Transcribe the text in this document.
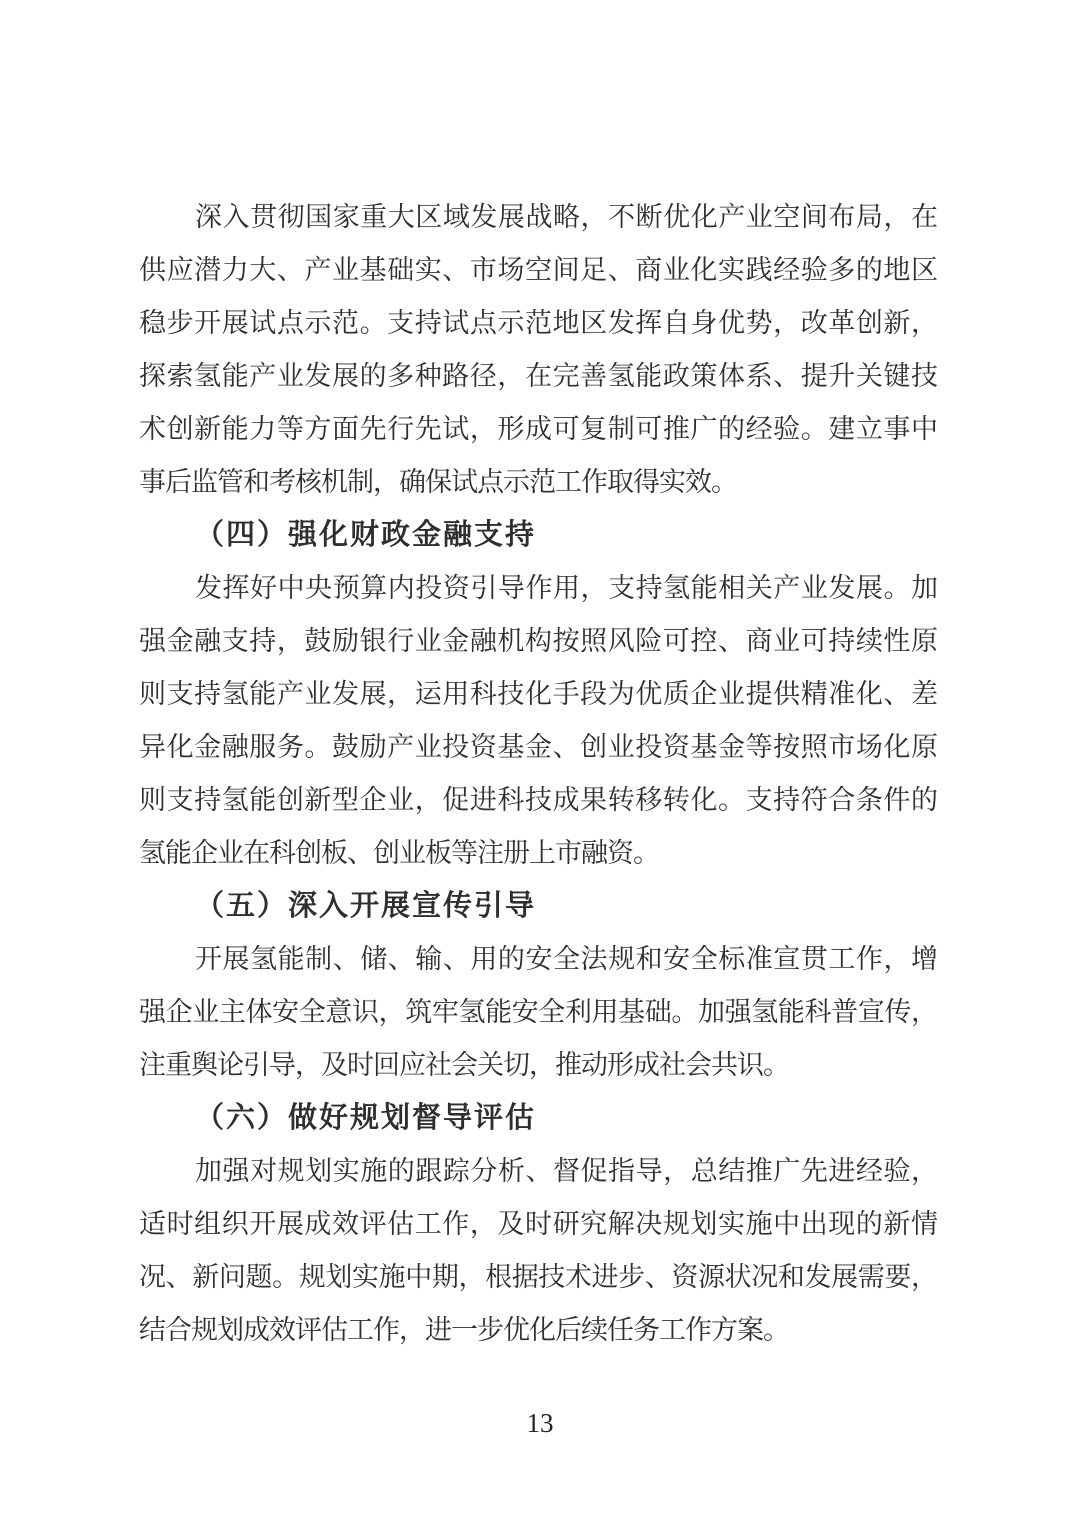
深入贯彻国家重大区域发展战略，不断优化产业空间布局，在
供应潜力大、产业基础实、市场空间足、商业化实践经验多的地区
稳步开展试点示范。支持试点示范地区发挥自身优势，改革创新，
探索氢能产业发展的多种路径，在完善氢能政策体系、提升关键技
术创新能力等方面先行先试，形成可复制可推广的经验。建立事中
事后监管和考核机制，确保试点示范工作取得实效。
（四）强化财政金融支持
发挥好中央预算内投资引导作用，支持氢能相关产业发展。加
强金融支持，鼓励银行业金融机构按照风险可控、商业可持续性原
则支持氢能产业发展，运用科技化手段为优质企业提供精准化、差
异化金融服务。鼓励产业投资基金、创业投资基金等按照市场化原
则支持氢能创新型企业，促进科技成果转移转化。支持符合条件的
氢能企业在科创板、创业板等注册上市融资。
（五）深入开展宣传引导
开展氢能制、储、输、用的安全法规和安全标准宣贯工作，增
强企业主体安全意识，筑牢氢能安全利用基础。加强氢能科普宣传，
注重舆论引导，及时回应社会关切，推动形成社会共识。
（六）做好规划督导评估
加强对规划实施的跟踪分析、督促指导，总结推广先进经验，
适时组织开展成效评估工作，及时研究解决规划实施中出现的新情
况、新问题。规划实施中期，根据技术进步、资源状况和发展需要，
结合规划成效评估工作，进一步优化后续任务工作方案。
13
